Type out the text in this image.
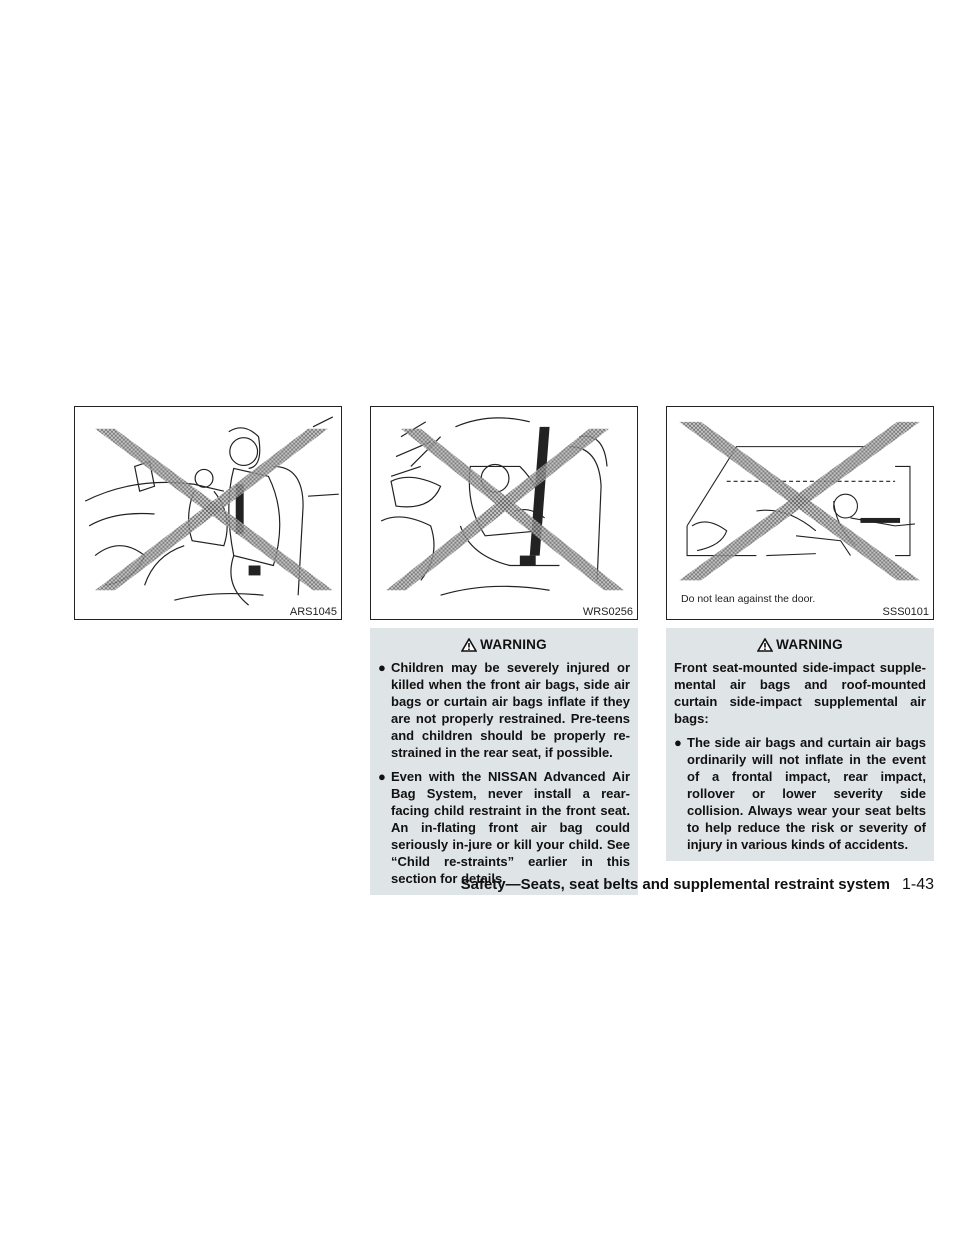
ARS1045	WRS0256
Do not lean against the door.
SSS0101
WARNING
● Children may be severely injured or killed when the front air bags, side air bags or curtain air bags inflate if they are not properly restrained. Pre-teens and children should be properly re-strained in the rear seat, if possible.
● Even with the NISSAN Advanced Air Bag System, never install a rear-facing child restraint in the front seat. An in-flating front air bag could seriously in-jure or kill your child. See “Child re-straints” earlier in this section for details.
WARNING
Front seat-mounted side-impact supple-mental air bags and roof-mounted curtain side-impact supplemental air bags:
● The side air bags and curtain air bags ordinarily will not inflate in the event of a frontal impact, rear impact, rollover or lower severity side collision. Always wear your seat belts to help reduce the risk or severity of injury in various kinds of accidents.
Safety—Seats, seat belts and supplemental restraint system 1-43
